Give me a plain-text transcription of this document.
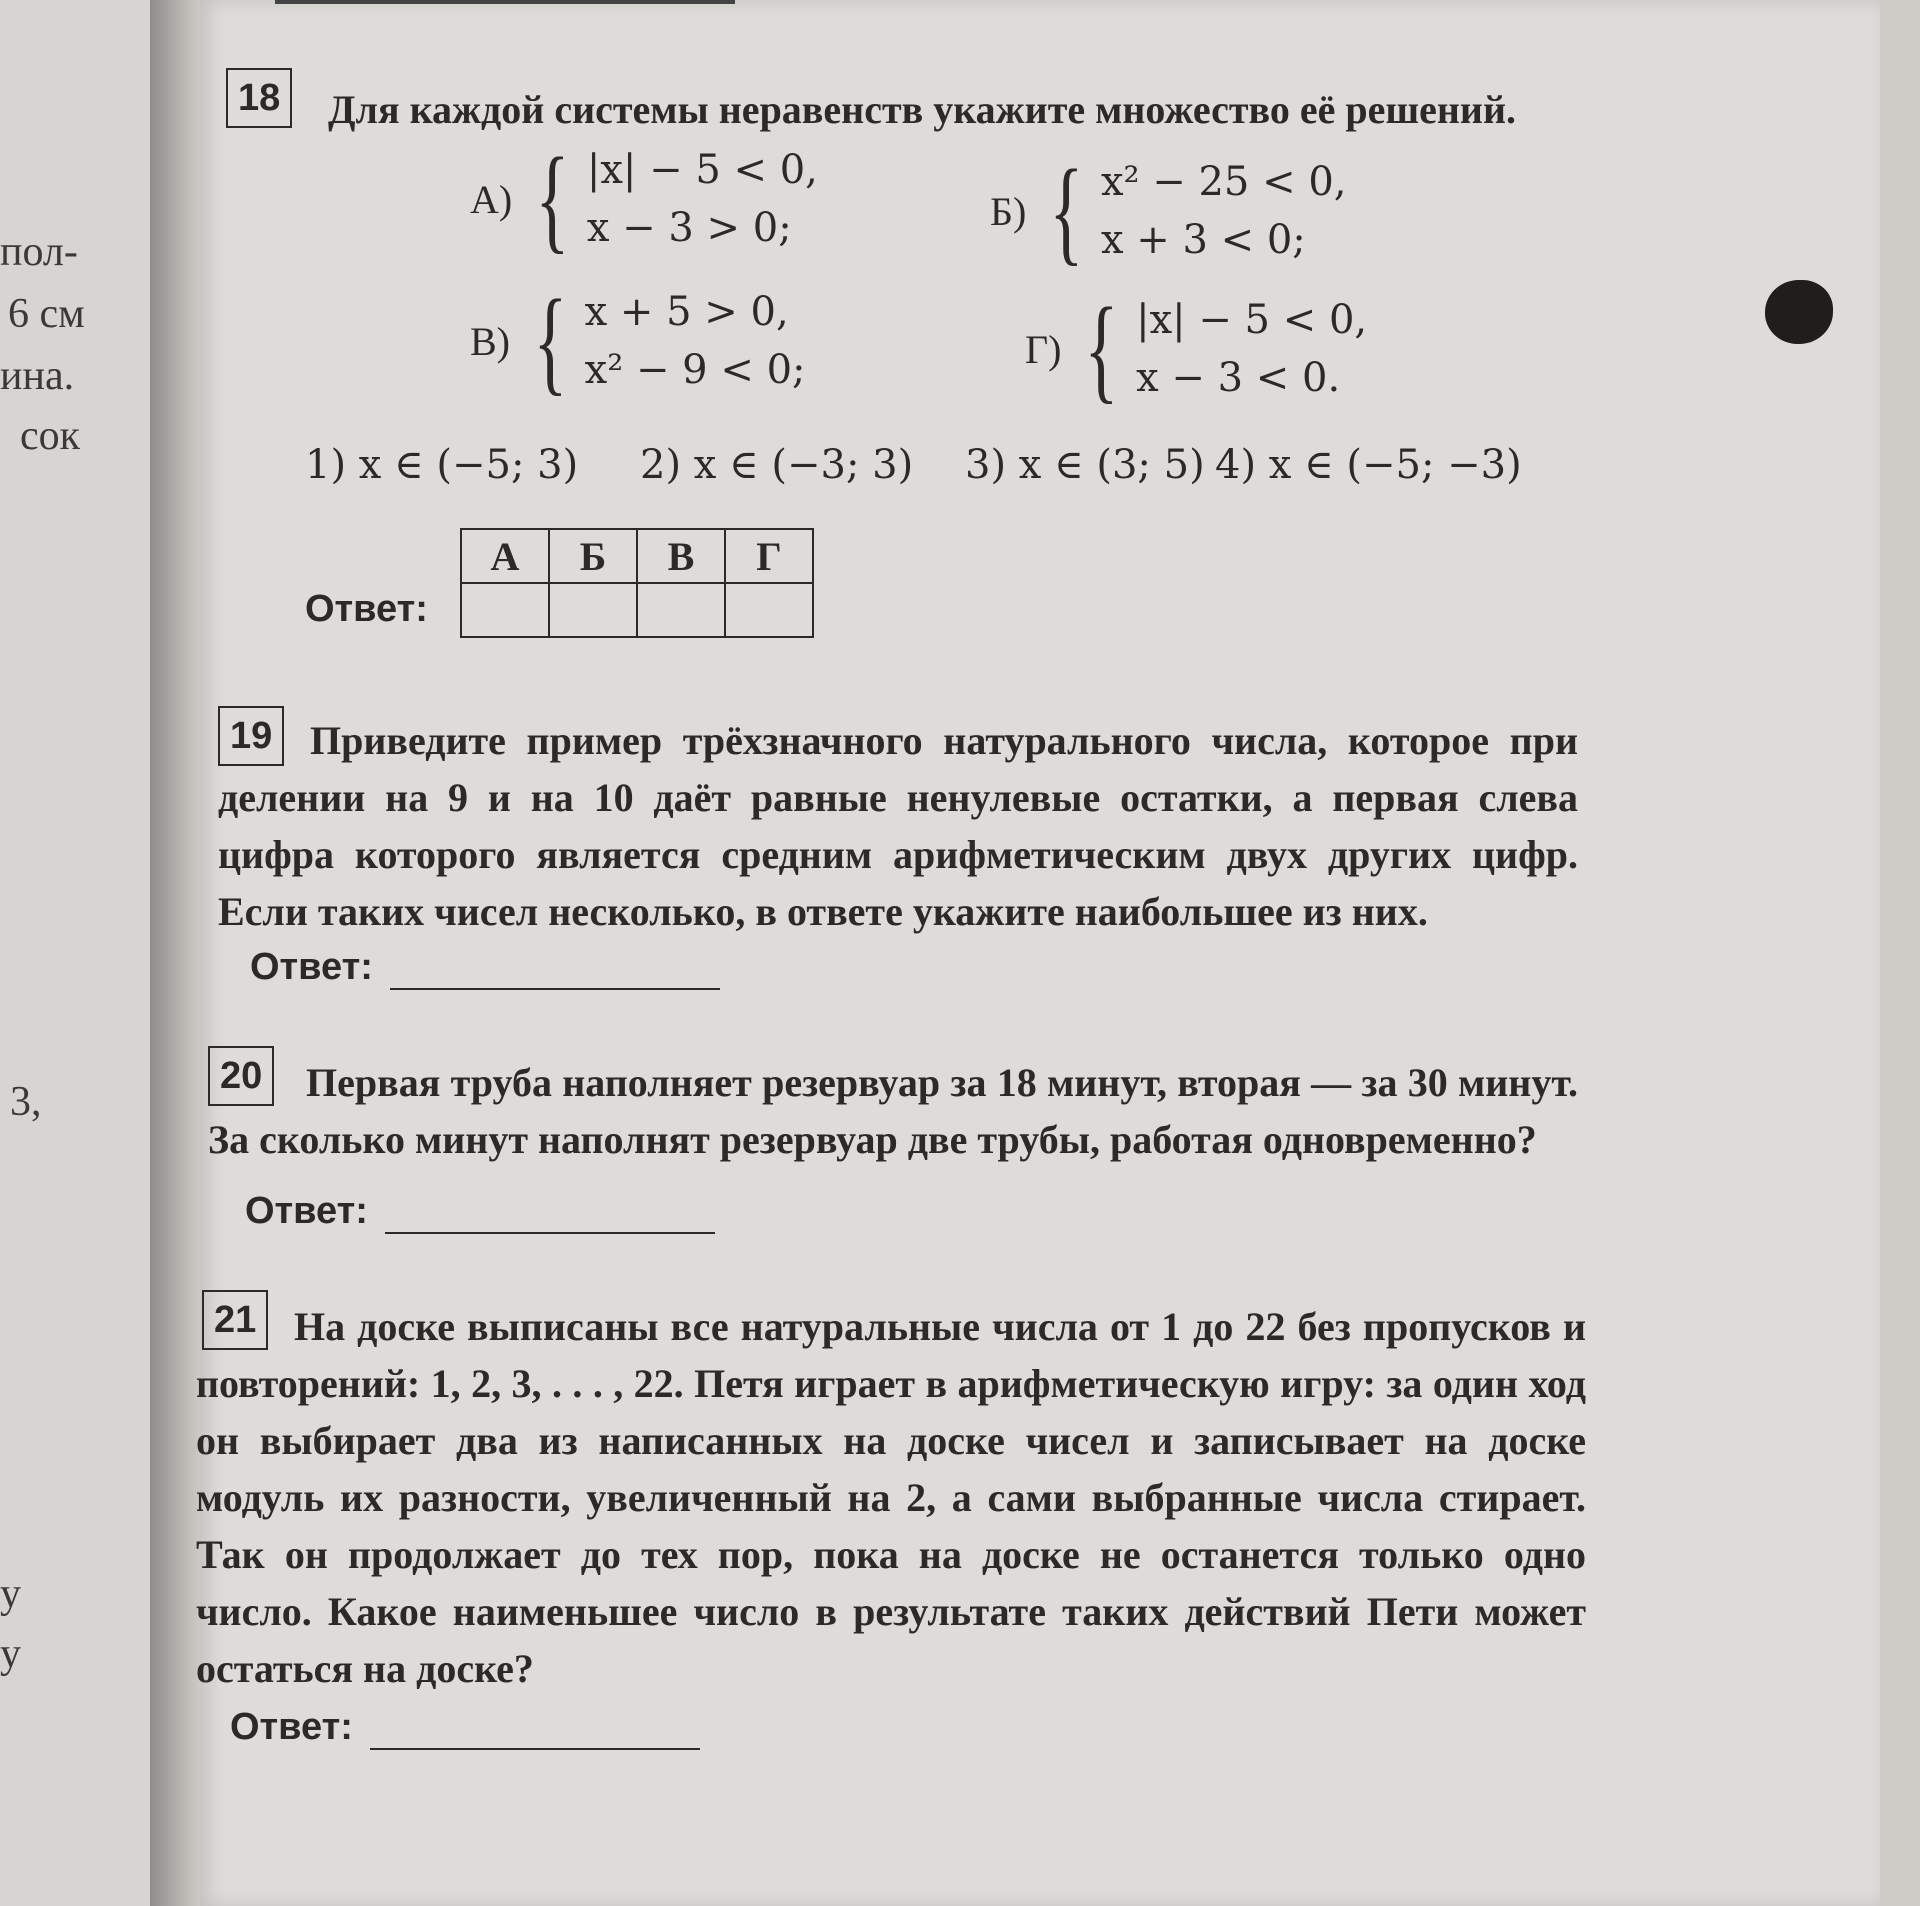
пол-
6 см
ина.
сок
3,
у
у
18	Для каждой системы неравенств укажите множество её решений.
А) { |x| − 5 < 0,
x − 3 > 0;	Б) { x² − 25 < 0,
x + 3 < 0;
В) { x + 5 > 0,
x² − 9 < 0;	Г) { |x| − 5 < 0,
x − 3 < 0.
1) x ∈ (−5; 3) 2) x ∈ (−3; 3) 3) x ∈ (3; 5) 4) x ∈ (−5; −3)
Ответ:
А	Б	В	Г

19 Приведите пример трёхзначного натурального числа, которое при делении на 9 и на 10 даёт равные ненулевые остатки, а первая слева цифра которого является средним арифметическим двух других цифр. Если таких чисел несколько, в ответе укажите наибольшее из них.
Ответ:
20	Первая труба наполняет резервуар за 18 минут, вторая — за 30 минут. За сколько минут наполнят резервуар две трубы, работая одновременно?
Ответ:
21 На доске выписаны все натуральные числа от 1 до 22 без пропусков и повторений: 1, 2, 3, . . . , 22. Петя играет в арифметическую игру: за один ход он выбирает два из написанных на доске чисел и записывает на доске модуль их разности, увеличенный на 2, а сами выбранные числа стирает. Так он продолжает до тех пор, пока на доске не останется только одно число. Какое наименьшее число в результате таких действий Пети может остаться на доске?
Ответ:
